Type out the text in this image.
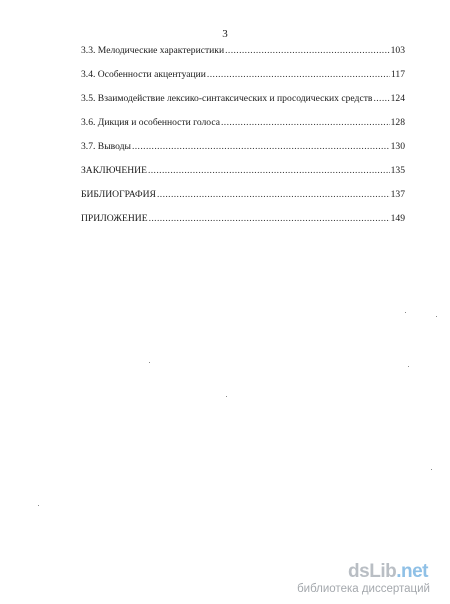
3
3.3. Мелодические характеристики .....	103
3.4. Особенности акцентуации .....	117
3.5. Взаимодействие лексико-синтаксических и просодических средств ..... 124
3.6. Дикция и особенности голоса .....	128
3.7. Выводы .....	130
ЗАКЛЮЧЕНИЕ .....	135
БИБЛИОГРАФИЯ .....	137
ПРИЛОЖЕНИЕ .....	149
dsLib.net
библиотека диссертаций
